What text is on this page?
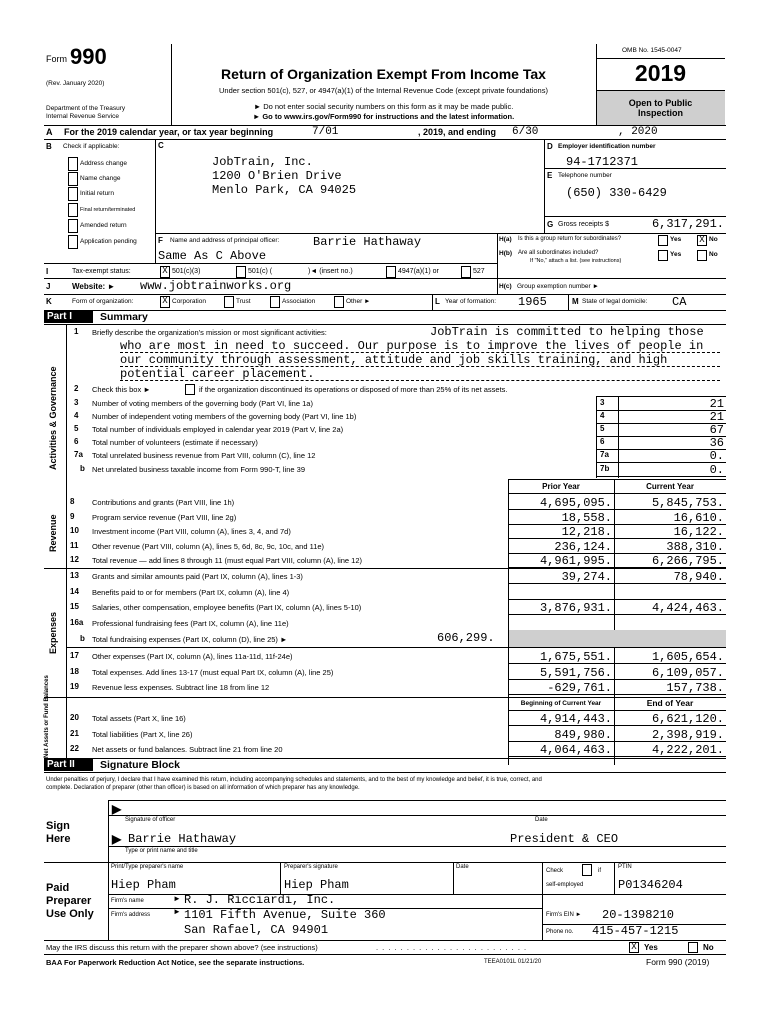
Form 990
(Rev. January 2020)
Department of the Treasury
Internal Revenue Service
Return of Organization Exempt From Income Tax
Under section 501(c), 527, or 4947(a)(1) of the Internal Revenue Code (except private foundations)
► Do not enter social security numbers on this form as it may be made public.
► Go to www.irs.gov/Form990 for instructions and the latest information.
OMB No. 1545-0047
2019
Open to Public
Inspection
A For the 2019 calendar year, or tax year beginning	7/01	, 2019, and ending 6/30	, 2020
B Check if applicable:
Address change
Name change
Initial return
Final return/terminated
Amended return
Application pending
C
JobTrain, Inc.
1200 O'Brien Drive
Menlo Park, CA 94025
D Employer identification number
94-1712371
E Telephone number
(650) 330-6429
G Gross receipts $	6,317,291.
F Name and address of principal officer:	Barrie Hathaway
Same As C Above
H(a) Is this a group return for subordinates?	Yes X No
H(b) Are all subordinates included?
If "No," attach a list. (see instructions)
Yes	No
I	Tax-exempt status:	X 501(c)(3)	501(c) (	)◄ (insert no.)	4947(a)(1) or	527
J	Website: ► www.jobtrainworks.org	H(c) Group exemption number ►
K	Form of organization:	X Corporation	Trust	Association	Other ►	L Year of formation: 1965	M State of legal domicile: CA
Part I	Summary
Activities & Governance
Revenue
Expenses
Net Assets or Fund Balances
1 Briefly describe the organization's mission or most significant activities:	JobTrain is committed to helping those
who are most in need to succeed. Our purpose is to improve the lives of people in
our community through assessment, attitude and job skills training, and high
potential career placement.
2 Check this box ►	if the organization discontinued its operations or disposed of more than 25% of its net assets.
3 Number of voting members of the governing body (Part VI, line 1a)	3	21
4 Number of independent voting members of the governing body (Part VI, line 1b)	4	21
5 Total number of individuals employed in calendar year 2019 (Part V, line 2a)	5	67
6 Total number of volunteers (estimate if necessary)	6	36
7a Total unrelated business revenue from Part VIII, column (C), line 12	7a	0.
b Net unrelated business taxable income from Form 990-T, line 39	7b	0.
Prior Year	Current Year
8 Contributions and grants (Part VIII, line 1h)	4,695,095.	5,845,753.
9 Program service revenue (Part VIII, line 2g)	18,558.	16,610.
10 Investment income (Part VIII, column (A), lines 3, 4, and 7d)	12,218.	16,122.
11 Other revenue (Part VIII, column (A), lines 5, 6d, 8c, 9c, 10c, and 11e)	236,124.	388,310.
12 Total revenue — add lines 8 through 11 (must equal Part VIII, column (A), line 12)	4,961,995.	6,266,795.
13 Grants and similar amounts paid (Part IX, column (A), lines 1-3)	39,274.	78,940.
14 Benefits paid to or for members (Part IX, column (A), line 4)
15 Salaries, other compensation, employee benefits (Part IX, column (A), lines 5-10)	3,876,931.	4,424,463.
16a Professional fundraising fees (Part IX, column (A), line 11e)
b Total fundraising expenses (Part IX, column (D), line 25) ►	606,299.
17 Other expenses (Part IX, column (A), lines 11a-11d, 11f-24e)	1,675,551.	1,605,654.
18 Total expenses. Add lines 13-17 (must equal Part IX, column (A), line 25)	5,591,756.	6,109,057.
19 Revenue less expenses. Subtract line 18 from line 12	-629,761.	157,738.
Beginning of Current Year	End of Year
20 Total assets (Part X, line 16)	4,914,443.	6,621,120.
21 Total liabilities (Part X, line 26)	849,980.	2,398,919.
22 Net assets or fund balances. Subtract line 21 from line 20	4,064,463.	4,222,201.
Part II	Signature Block
Under penalties of perjury, I declare that I have examined this return, including accompanying schedules and statements, and to the best of my knowledge and belief, it is true, correct, and
complete. Declaration of preparer (other than officer) is based on all information of which preparer has any knowledge.
Sign
Here
▶
Signature of officer	Date
▶ Barrie Hathaway	President & CEO
Type or print name and title
Paid
Preparer
Use Only
Print/Type preparer's name	Preparer's signature	Date
Check	if
self-employed
PTIN
Hiep Pham	Hiep Pham	P01346204
Firm's name	► R. J. Ricciardi, Inc.
Firm's EIN ► 20-1398210
Firm's address	► 1101 Fifth Avenue, Suite 360
San Rafael, CA 94901	Phone no. 415-457-1215
May the IRS discuss this return with the preparer shown above? (see instructions)	. . . . . . . . . . . . . . . . . . . . . . . . .	X Yes	No
BAA For Paperwork Reduction Act Notice, see the separate instructions.	TEEA0101L 01/21/20	Form 990 (2019)
